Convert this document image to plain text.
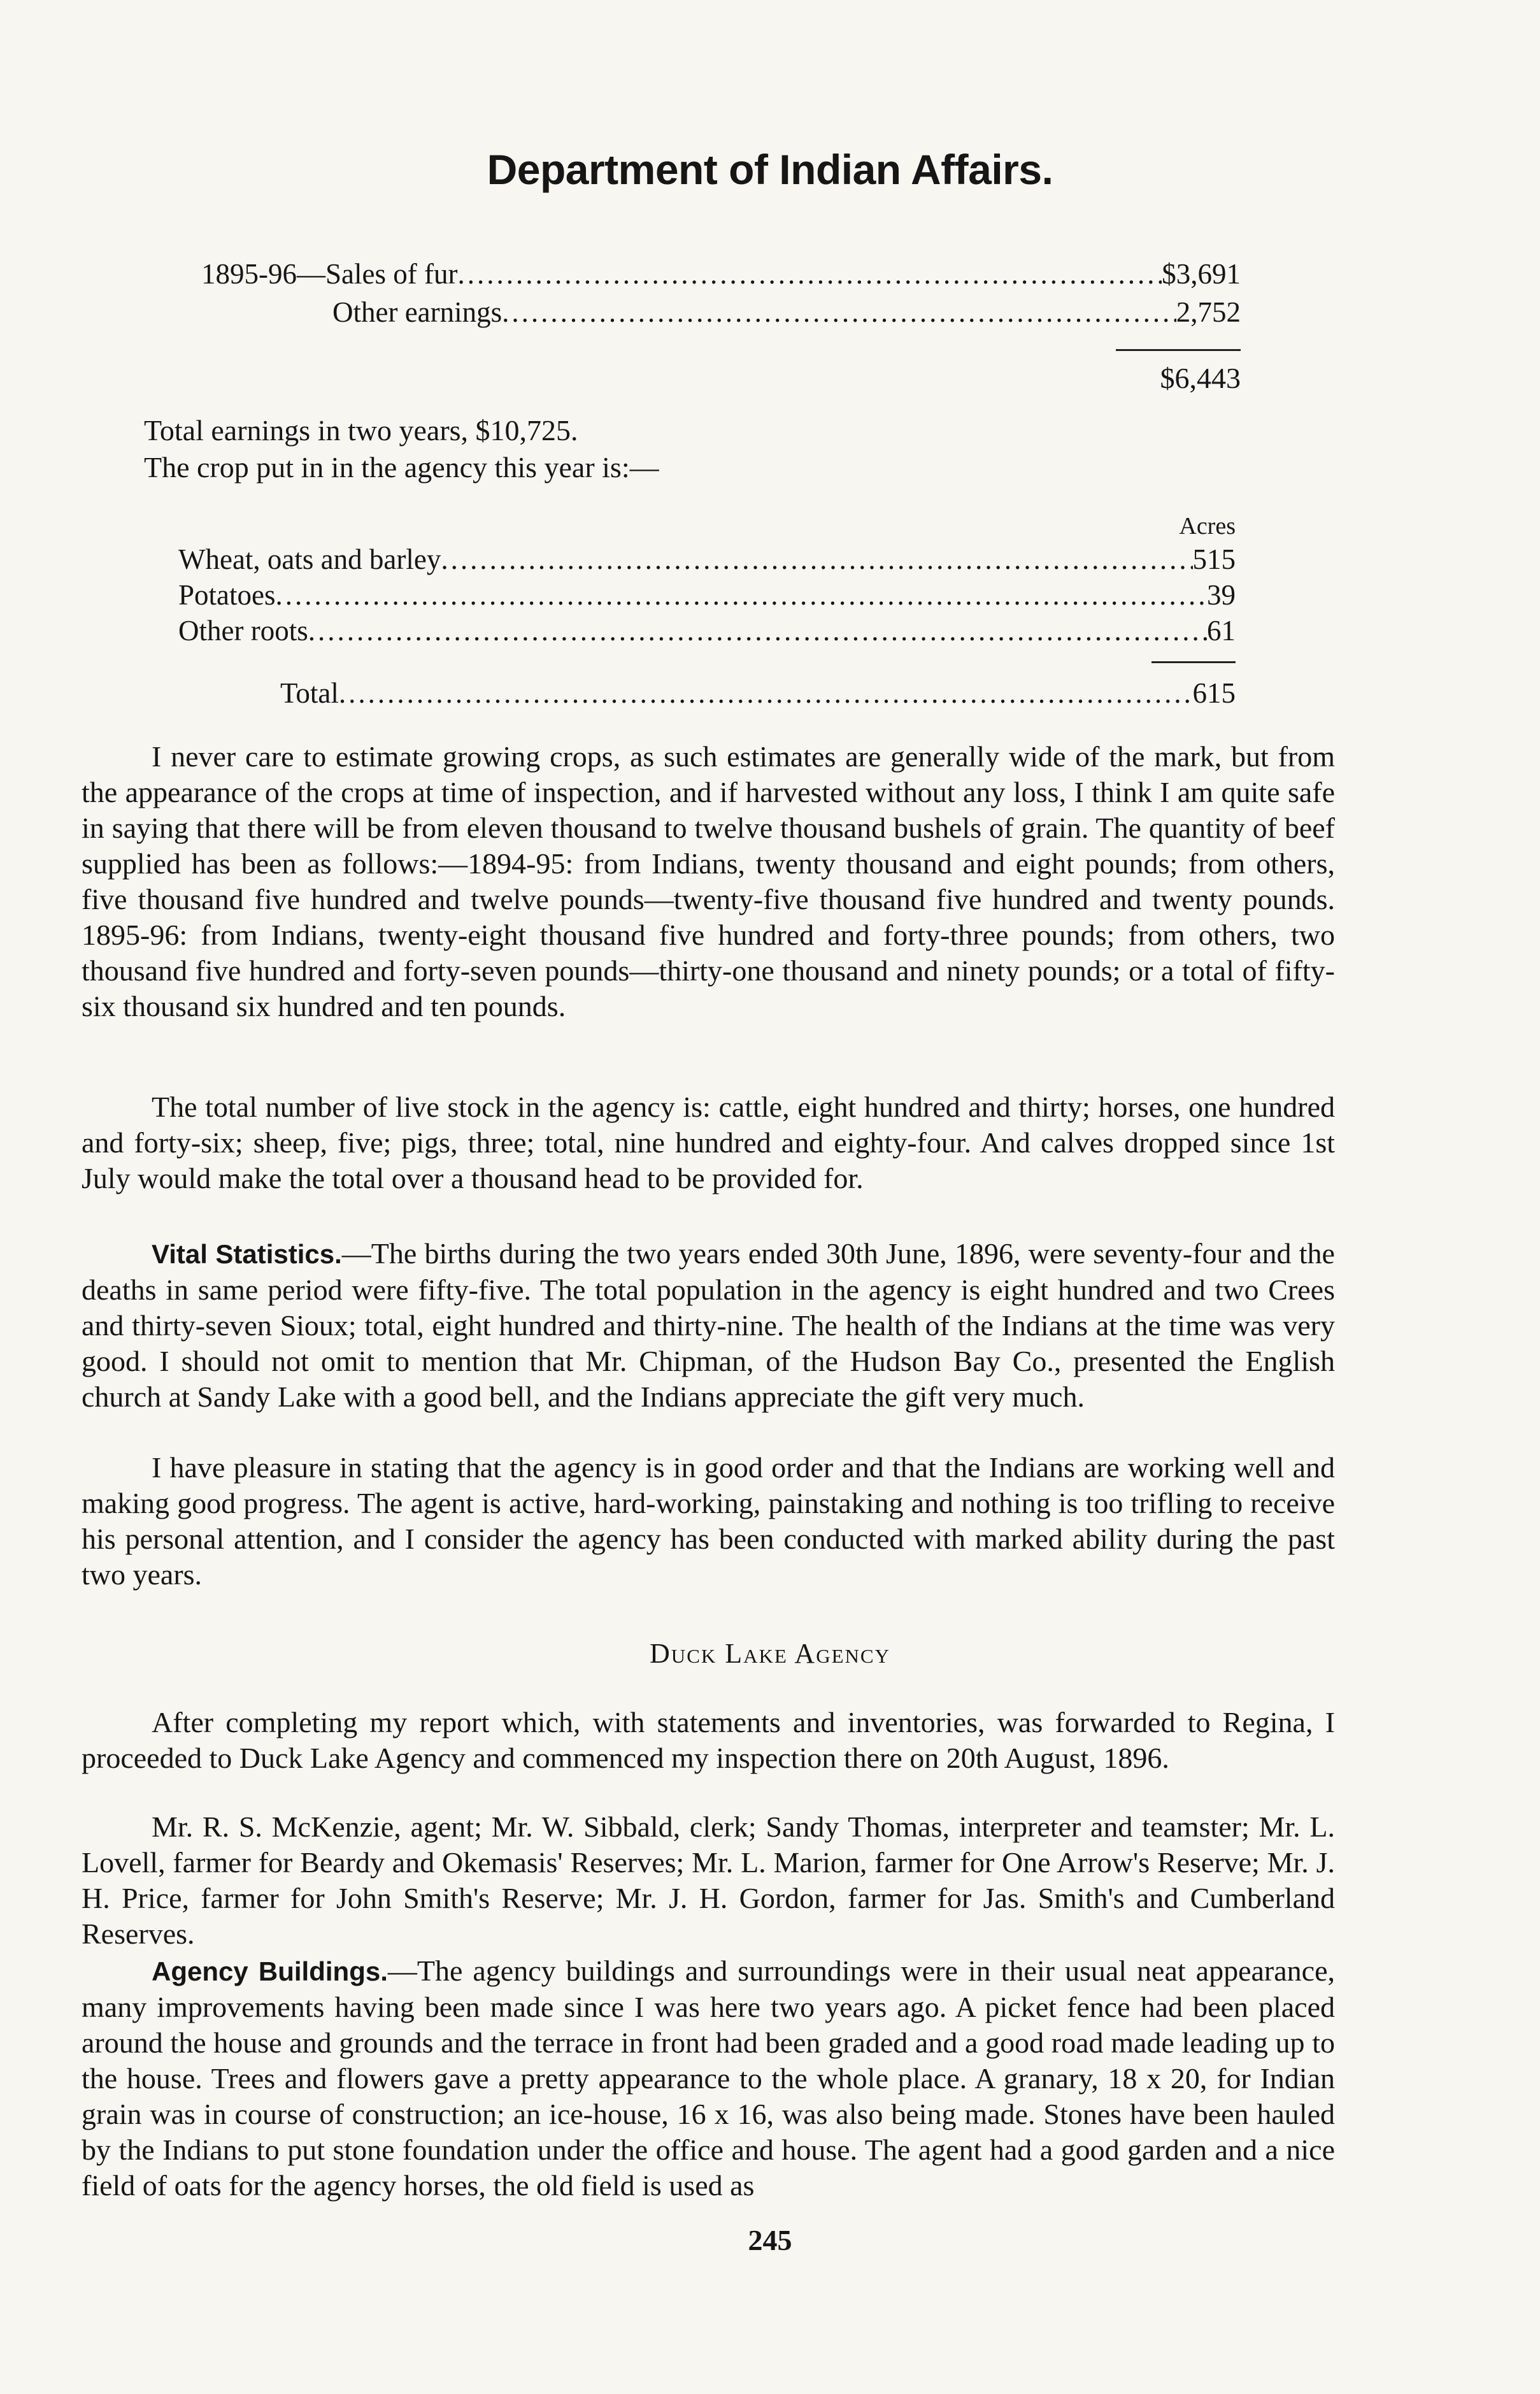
Department of Indian Affairs.
1895-96—Sales of fur .....	$3,691
Other earnings .....	2,752
$6,443
Total earnings in two years, $10,725.
The crop put in in the agency this year is:—
Acres
Wheat, oats and barley .....	515
Potatoes .....	39
Other roots .....	61
Total .....	615
I never care to estimate growing crops, as such estimates are generally wide of the mark, but from the appearance of the crops at time of inspection, and if harvested without any loss, I think I am quite safe in saying that there will be from eleven thousand to twelve thousand bushels of grain. The quantity of beef supplied has been as follows:—1894-95: from Indians, twenty thousand and eight pounds; from others, five thousand five hundred and twelve pounds—twenty-five thousand five hundred and twenty pounds. 1895-96: from Indians, twenty-eight thousand five hundred and forty-three pounds; from others, two thousand five hundred and forty-seven pounds—thirty-one thousand and ninety pounds; or a total of fifty-six thousand six hundred and ten pounds.
The total number of live stock in the agency is: cattle, eight hundred and thirty; horses, one hundred and forty-six; sheep, five; pigs, three; total, nine hundred and eighty-four. And calves dropped since 1st July would make the total over a thousand head to be provided for.
Vital Statistics.—The births during the two years ended 30th June, 1896, were seventy-four and the deaths in same period were fifty-five. The total population in the agency is eight hundred and two Crees and thirty-seven Sioux; total, eight hundred and thirty-nine. The health of the Indians at the time was very good. I should not omit to mention that Mr. Chipman, of the Hudson Bay Co., presented the English church at Sandy Lake with a good bell, and the Indians appreciate the gift very much.
I have pleasure in stating that the agency is in good order and that the Indians are working well and making good progress. The agent is active, hard-working, painstaking and nothing is too trifling to receive his personal attention, and I consider the agency has been conducted with marked ability during the past two years.
Duck Lake Agency
After completing my report which, with statements and inventories, was forwarded to Regina, I proceeded to Duck Lake Agency and commenced my inspection there on 20th August, 1896.
Mr. R. S. McKenzie, agent; Mr. W. Sibbald, clerk; Sandy Thomas, interpreter and teamster; Mr. L. Lovell, farmer for Beardy and Okemasis' Reserves; Mr. L. Marion, farmer for One Arrow's Reserve; Mr. J. H. Price, farmer for John Smith's Reserve; Mr. J. H. Gordon, farmer for Jas. Smith's and Cumberland Reserves.
Agency Buildings.—The agency buildings and surroundings were in their usual neat appearance, many improvements having been made since I was here two years ago. A picket fence had been placed around the house and grounds and the terrace in front had been graded and a good road made leading up to the house. Trees and flowers gave a pretty appearance to the whole place. A granary, 18 x 20, for Indian grain was in course of construction; an ice-house, 16 x 16, was also being made. Stones have been hauled by the Indians to put stone foundation under the office and house. The agent had a good garden and a nice field of oats for the agency horses, the old field is used as
245
